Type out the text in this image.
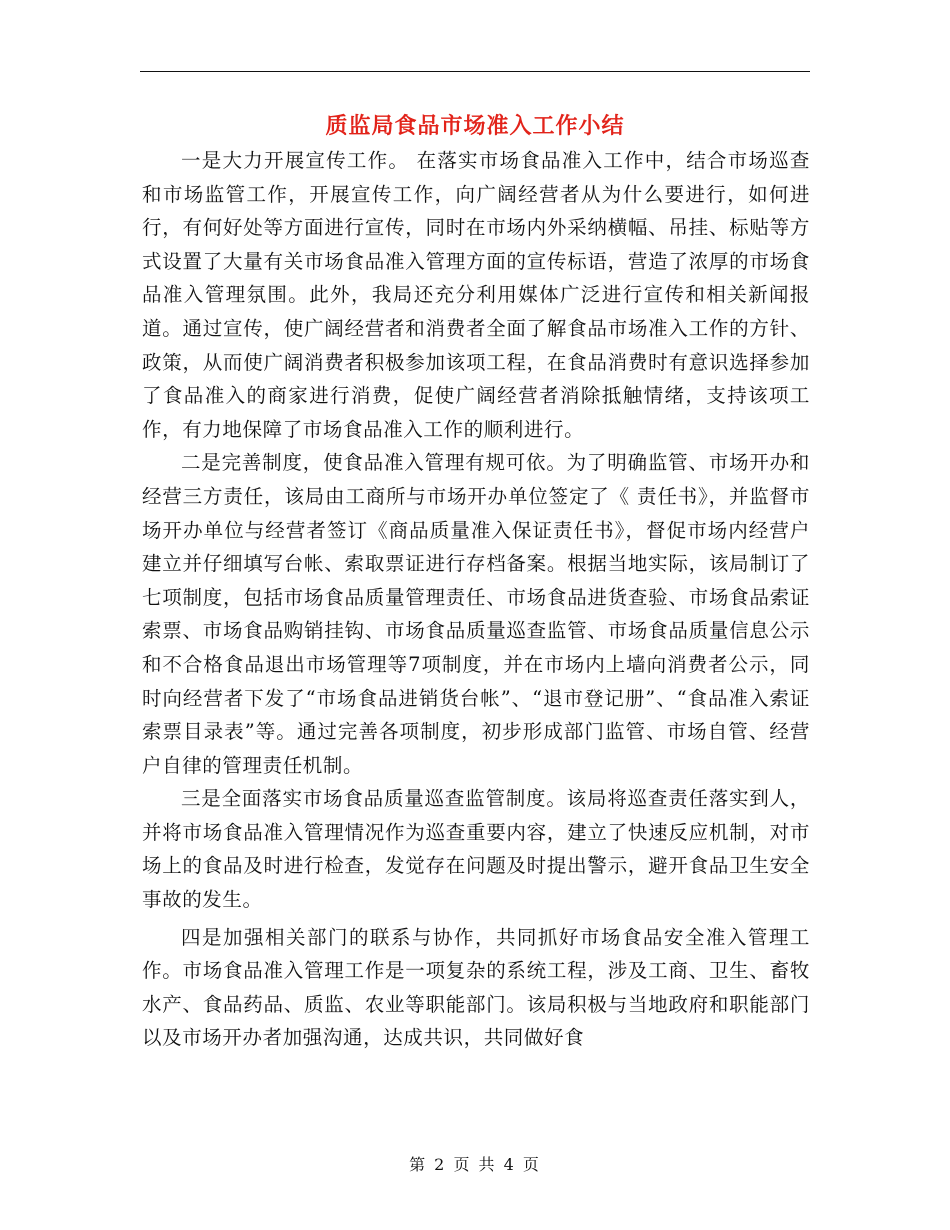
质监局食品市场准入工作小结

一是大力开展宣传工作。 在落实市场食品准入工作中，结合市场巡查和市场监管工作，开展宣传工作，向广阔经营者从为什么要进行，如何进行，有何好处等方面进行宣传，同时在市场内外采纳横幅、吊挂、标贴等方式设置了大量有关市场食品准入管理方面的宣传标语，营造了浓厚的市场食品准入管理氛围。此外，我局还充分利用媒体广泛进行宣传和相关新闻报道。通过宣传，使广阔经营者和消费者全面了解食品市场准入工作的方针、政策，从而使广阔消费者积极参加该项工程，在食品消费时有意识选择参加了食品准入的商家进行消费，促使广阔经营者消除抵触情绪，支持该项工作，有力地保障了市场食品准入工作的顺利进行。

二是完善制度，使食品准入管理有规可依。为了明确监管、市场开办和经营三方责任，该局由工商所与市场开办单位签定了《 责任书》，并监督市场开办单位与经营者签订《商品质量准入保证责任书》，督促市场内经营户建立并仔细填写台帐、索取票证进行存档备案。根据当地实际，该局制订了七项制度，包括市场食品质量管理责任、市场食品进货查验、市场食品索证索票、市场食品购销挂钩、市场食品质量巡查监管、市场食品质量信息公示和不合格食品退出市场管理等7项制度，并在市场内上墙向消费者公示，同时向经营者下发了“市场食品进销货台帐”、“退市登记册”、“食品准入索证索票目录表”等。通过完善各项制度，初步形成部门监管、市场自管、经营户自律的管理责任机制。

三是全面落实市场食品质量巡查监管制度。该局将巡查责任落实到人，并将市场食品准入管理情况作为巡查重要内容，建立了快速反应机制，对市场上的食品及时进行检查，发觉存在问题及时提出警示，避开食品卫生安全事故的发生。

四是加强相关部门的联系与协作，共同抓好市场食品安全准入管理工作。市场食品准入管理工作是一项复杂的系统工程，涉及工商、卫生、畜牧水产、食品药品、质监、农业等职能部门。该局积极与当地政府和职能部门以及市场开办者加强沟通，达成共识，共同做好食

第 2 页 共 4 页
